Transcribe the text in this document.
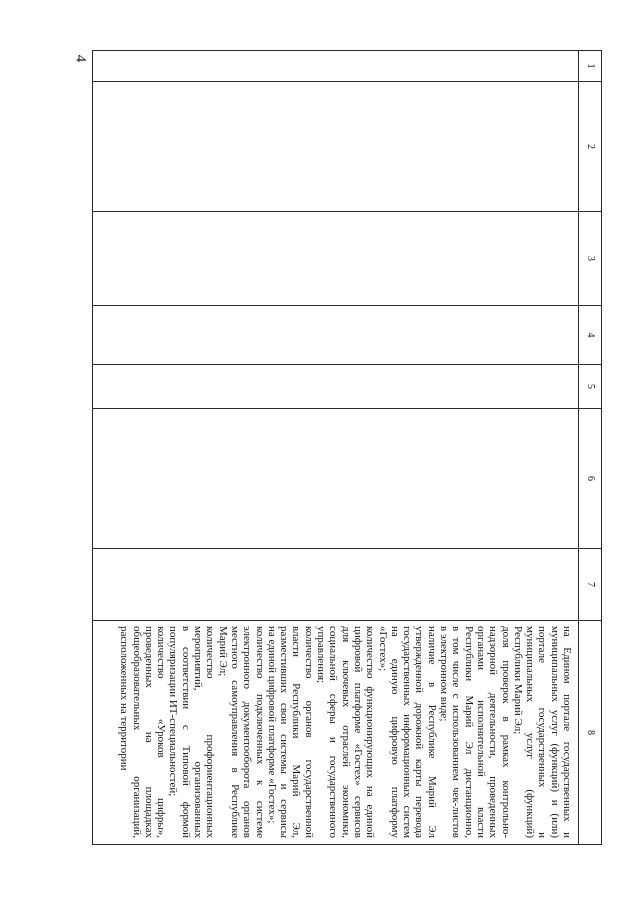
4
1
2
3
4
5
6
7
8
на Едином портале государственных и
муниципальных услуг (функций) и (или)
портале государственных и
муниципальных услуг (функций)
Республики Марий Эл;
доля проверок в рамках контрольно-
надзорной деятельности, проведенных
органами исполнительной власти
Республики Марий Эл дистанционно,
в том числе с использованием чек-листов
в электронном виде;
наличие в Республике Марий Эл
утвержденной дорожной карты перевода
государственных информационных систем
на единую цифровую платформу
«Гостех»;
количество функционирующих на единой
цифровой платформе «Гостех» сервисов
для ключевых отраслей экономики,
социальной сферы и государственного
управления;
количество органов государственной
власти Республики Марий Эл,
разместивших свои системы и сервисы
на единой цифровой платформе «Гостех»;
количество подключенных к системе
электронного документооборота органов
местного самоуправления в Республике
Марий Эл;
количество профориентационных
мероприятий, организованных
в соответствии с Типовой формой
популяризации ИТ-специальностей;
количество «Уроков цифры»,
проведенных на площадках
общеобразовательных организаций,
расположенных на территории
